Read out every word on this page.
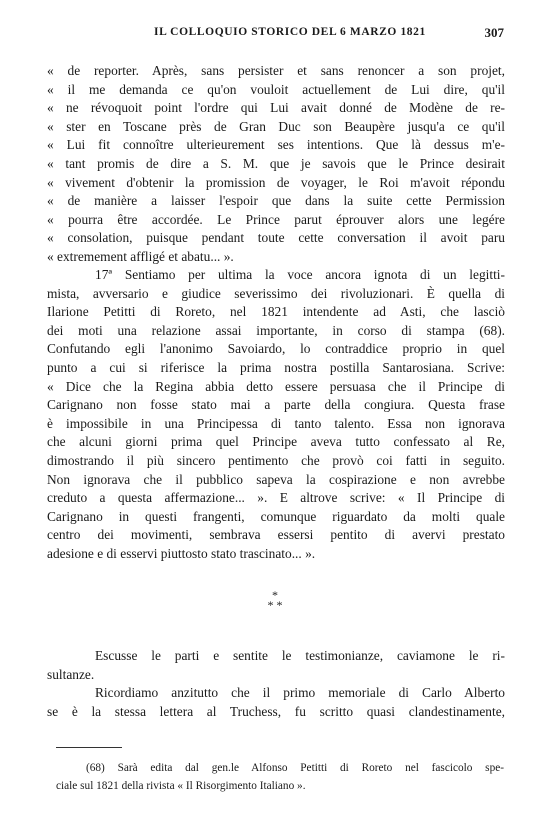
IL COLLOQUIO STORICO DEL 6 MARZO 1821	307
« de reporter. Après, sans persister et sans renoncer a son projet,
« il me demanda ce qu'on vouloit actuellement de Lui dire, qu'il
« ne révoquoit point l'ordre qui Lui avait donné de Modène de re-
« ster en Toscane près de Gran Duc son Beaupère jusqu'a ce qu'il
« Lui fit connoître ulterieurement ses intentions. Que là dessus m'e-
« tant promis de dire a S. M. que je savois que le Prince desirait
« vivement d'obtenir la promission de voyager, le Roi m'avoit répondu
« de manière a laisser l'espoir que dans la suite cette Permission
« pourra être accordée. Le Prince parut éprouver alors une legére
« consolation, puisque pendant toute cette conversation il avoit paru
« extremement affligé et abatu... ».
17ª Sentiamo per ultima la voce ancora ignota di un legitti-
mista, avversario e giudice severissimo dei rivoluzionari. È quella di
Ilarione Petitti di Roreto, nel 1821 intendente ad Asti, che lasciò
dei moti una relazione assai importante, in corso di stampa (68).
Confutando egli l'anonimo Savoiardo, lo contraddice proprio in quel
punto a cui si riferisce la prima nostra postilla Santarosiana. Scrive:
« Dice che la Regina abbia detto essere persuasa che il Principe di
Carignano non fosse stato mai a parte della congiura. Questa frase
è impossibile in una Principessa di tanto talento. Essa non ignorava
che alcuni giorni prima quel Principe aveva tutto confessato al Re,
dimostrando il più sincero pentimento che provò coi fatti in seguito.
Non ignorava che il pubblico sapeva la cospirazione e non avrebbe
creduto a questa affermazione... ». E altrove scrive: « Il Principe di
Carignano in questi frangenti, comunque riguardato da molti quale
centro dei movimenti, sembrava essersi pentito di avervi prestato
adesione e di esservi piuttosto stato trascinato... ».
*
* *
Escusse le parti e sentite le testimonianze, caviamone le ri-
sultanze.
Ricordiamo anzitutto che il primo memoriale di Carlo Alberto
se è la stessa lettera al Truchess, fu scritto quasi clandestinamente,
(68) Sarà edita dal gen.le Alfonso Petitti di Roreto nel fascicolo spe-
ciale sul 1821 della rivista « Il Risorgimento Italiano ».
